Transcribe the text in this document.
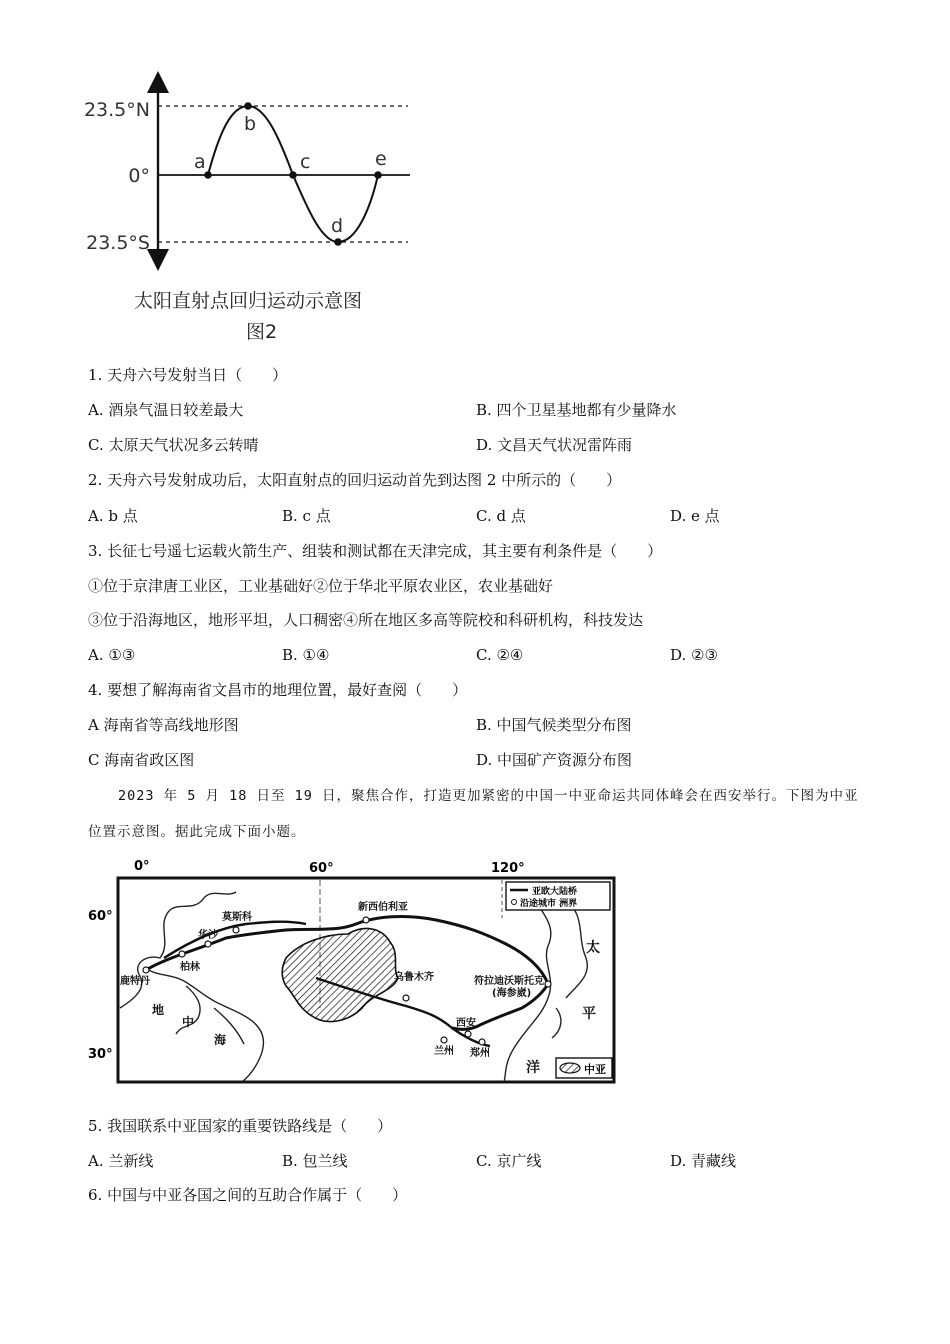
23.5°N
0°
23.5°S
a
b
c
d
e
太阳直射点回归运动示意图
图2
1. 天舟六号发射当日（　　）
A. 酒泉气温日较差最大	B. 四个卫星基地都有少量降水
C. 太原天气状况多云转晴	D. 文昌天气状况雷阵雨
2. 天舟六号发射成功后，太阳直射点的回归运动首先到达图 2 中所示的（　　）
A. b 点	B. c 点	C. d 点	D. e 点
3. 长征七号遥七运载火箭生产、组装和测试都在天津完成，其主要有利条件是（　　）
①位于京津唐工业区，工业基础好②位于华北平原农业区，农业基础好
③位于沿海地区，地形平坦，人口稠密④所在地区多高等院校和科研机构，科技发达
A. ①③	B. ①④	C. ②④	D. ②③
4. 要想了解海南省文昌市的地理位置，最好查阅（　　）
A 海南省等高线地形图	B. 中国气候类型分布图
C 海南省政区图	D. 中国矿产资源分布图
2023 年 5 月 18 日至 19 日，聚焦合作，打造更加紧密的中国一中亚命运共同体峰会在西安举行。下图为中亚位置示意图。据此完成下面小题。
0°	60°	120°
60°
30°
鹿特丹
柏林
华沙
莫斯科
新西伯利亚
乌鲁木齐	符拉迪沃斯托克
(海参崴)
西安
兰州 郑州
地
中
海
太
平
洋
亚欧大陆桥
沿途城市 洲界
中亚
5. 我国联系中亚国家的重要铁路线是（　　）
A. 兰新线	B. 包兰线	C. 京广线	D. 青藏线
6. 中国与中亚各国之间的互助合作属于（　　）
